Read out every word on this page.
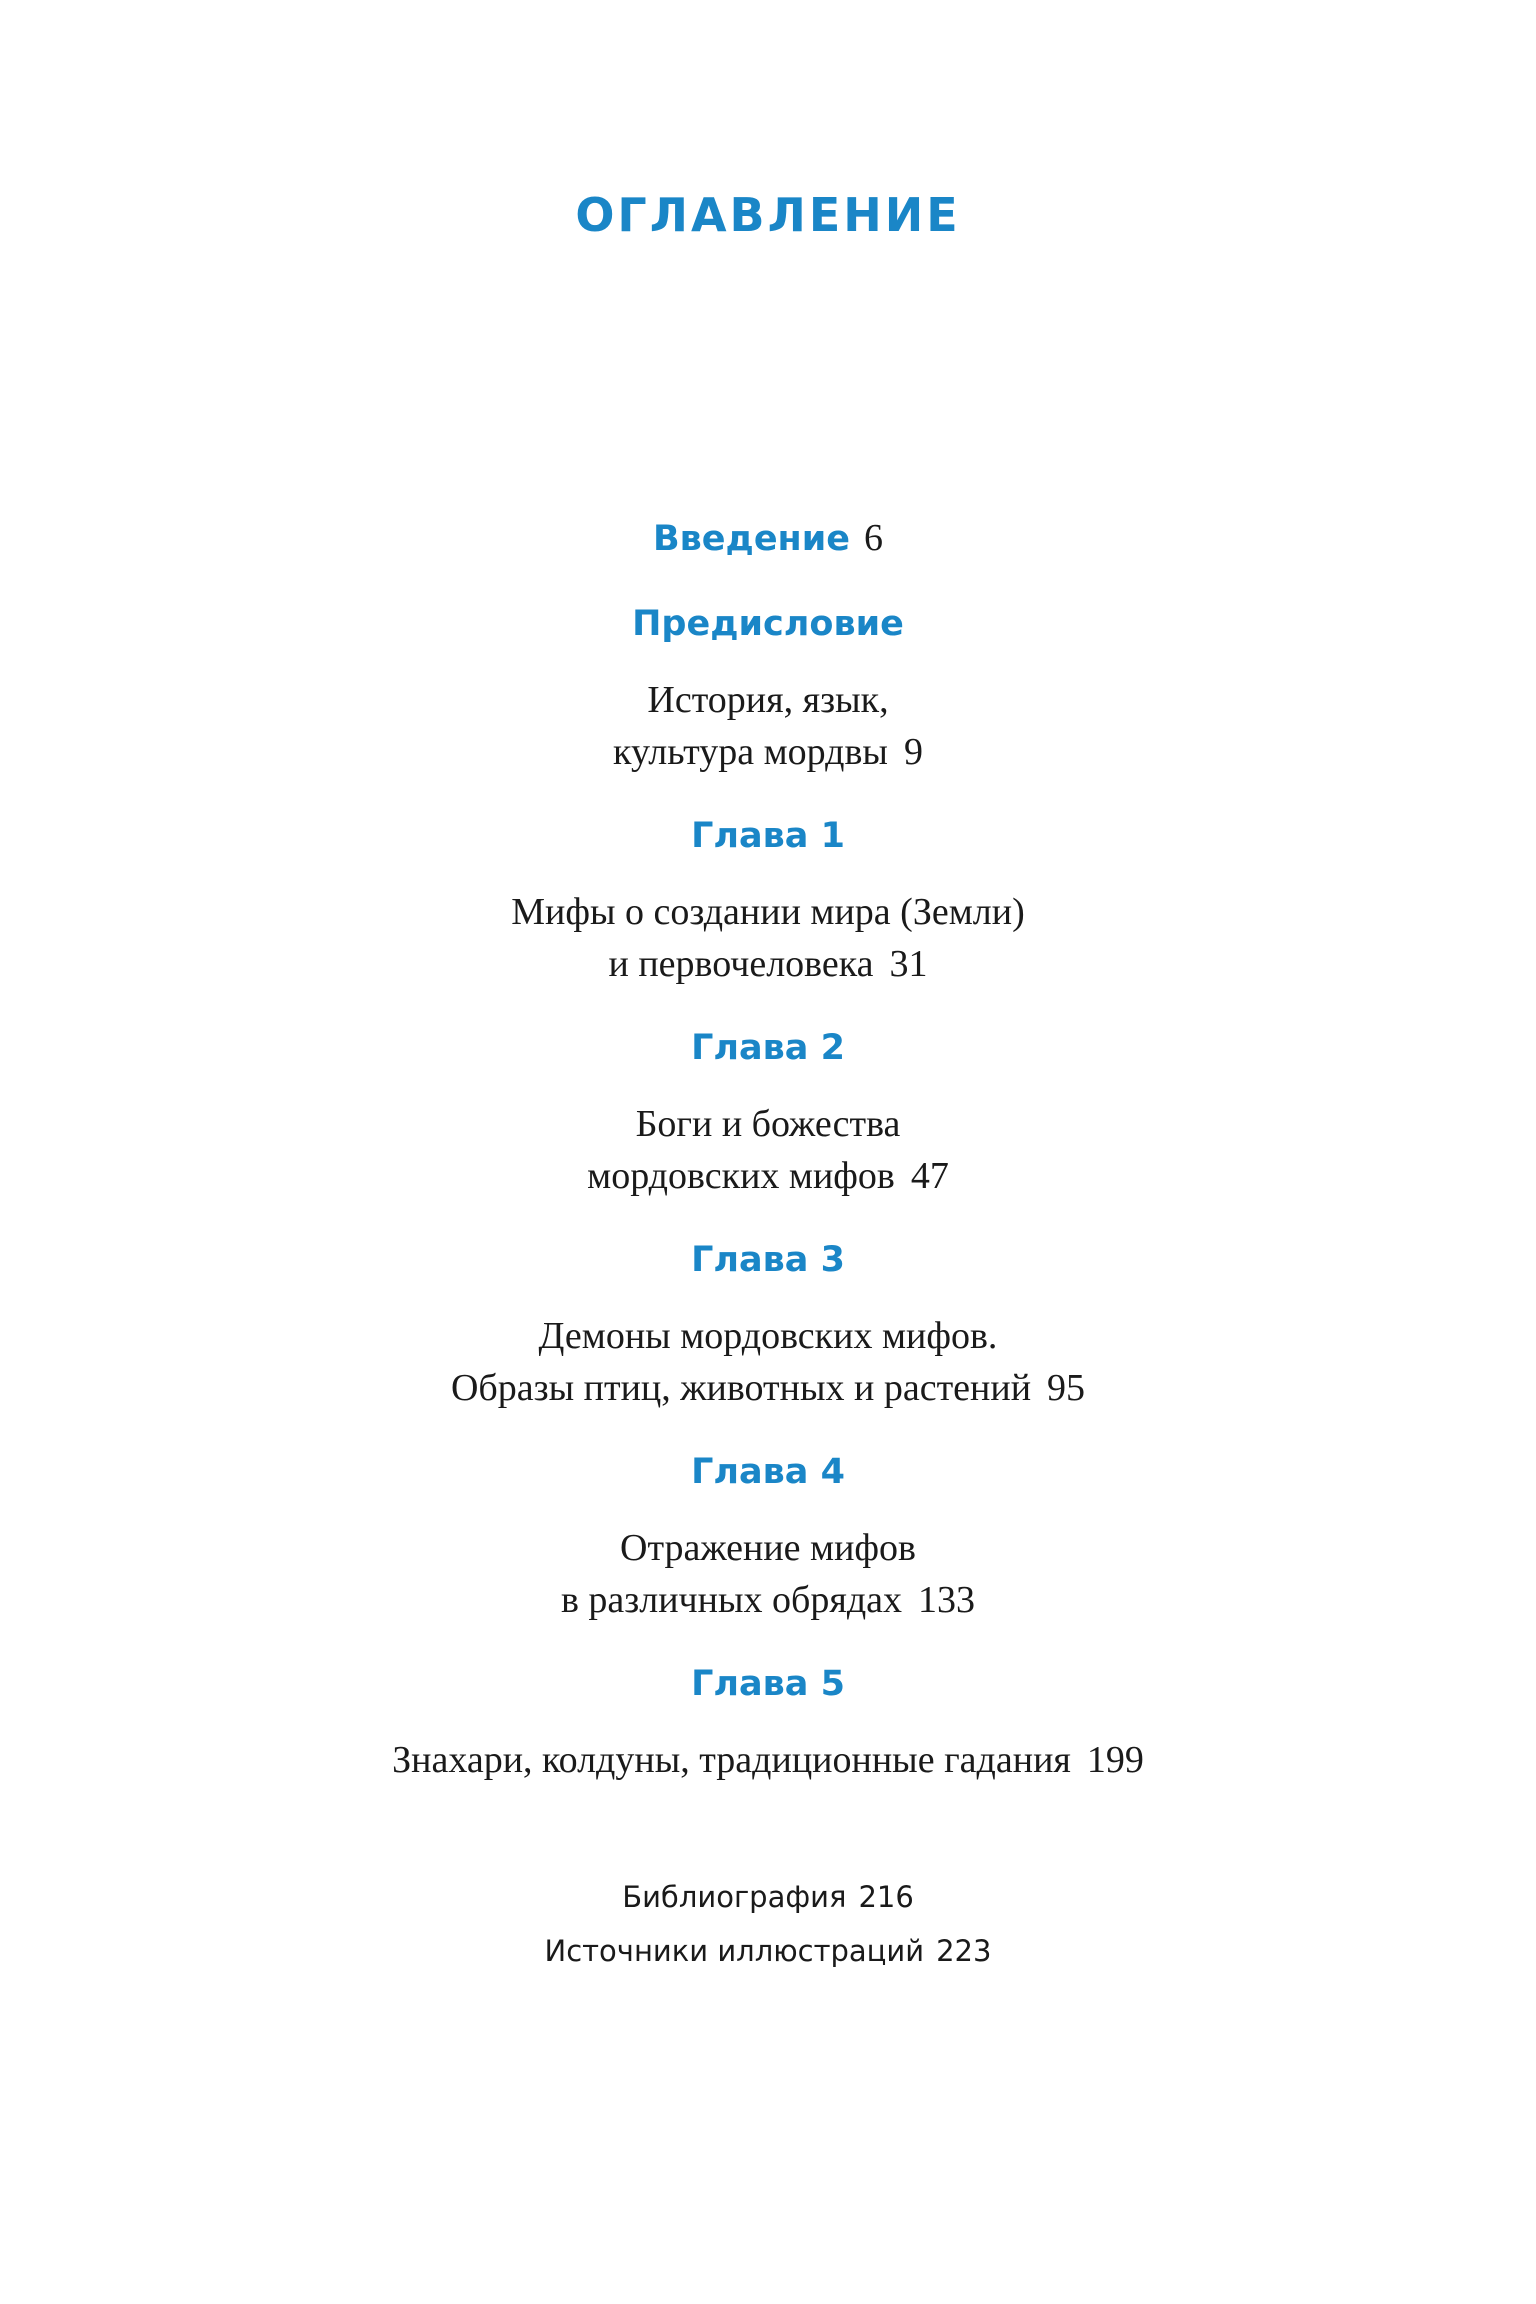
ОГЛАВЛЕНИЕ
Введение 6
Предисловие
История, язык,
культура мордвы 9
Глава 1
Мифы о создании мира (Земли)
и первочеловека 31
Глава 2
Боги и божества
мордовских мифов 47
Глава 3
Демоны мордовских мифов.
Образы птиц, животных и растений 95
Глава 4
Отражение мифов
в различных обрядах 133
Глава 5
Знахари, колдуны, традиционные гадания 199
Библиография 216
Источники иллюстраций 223
